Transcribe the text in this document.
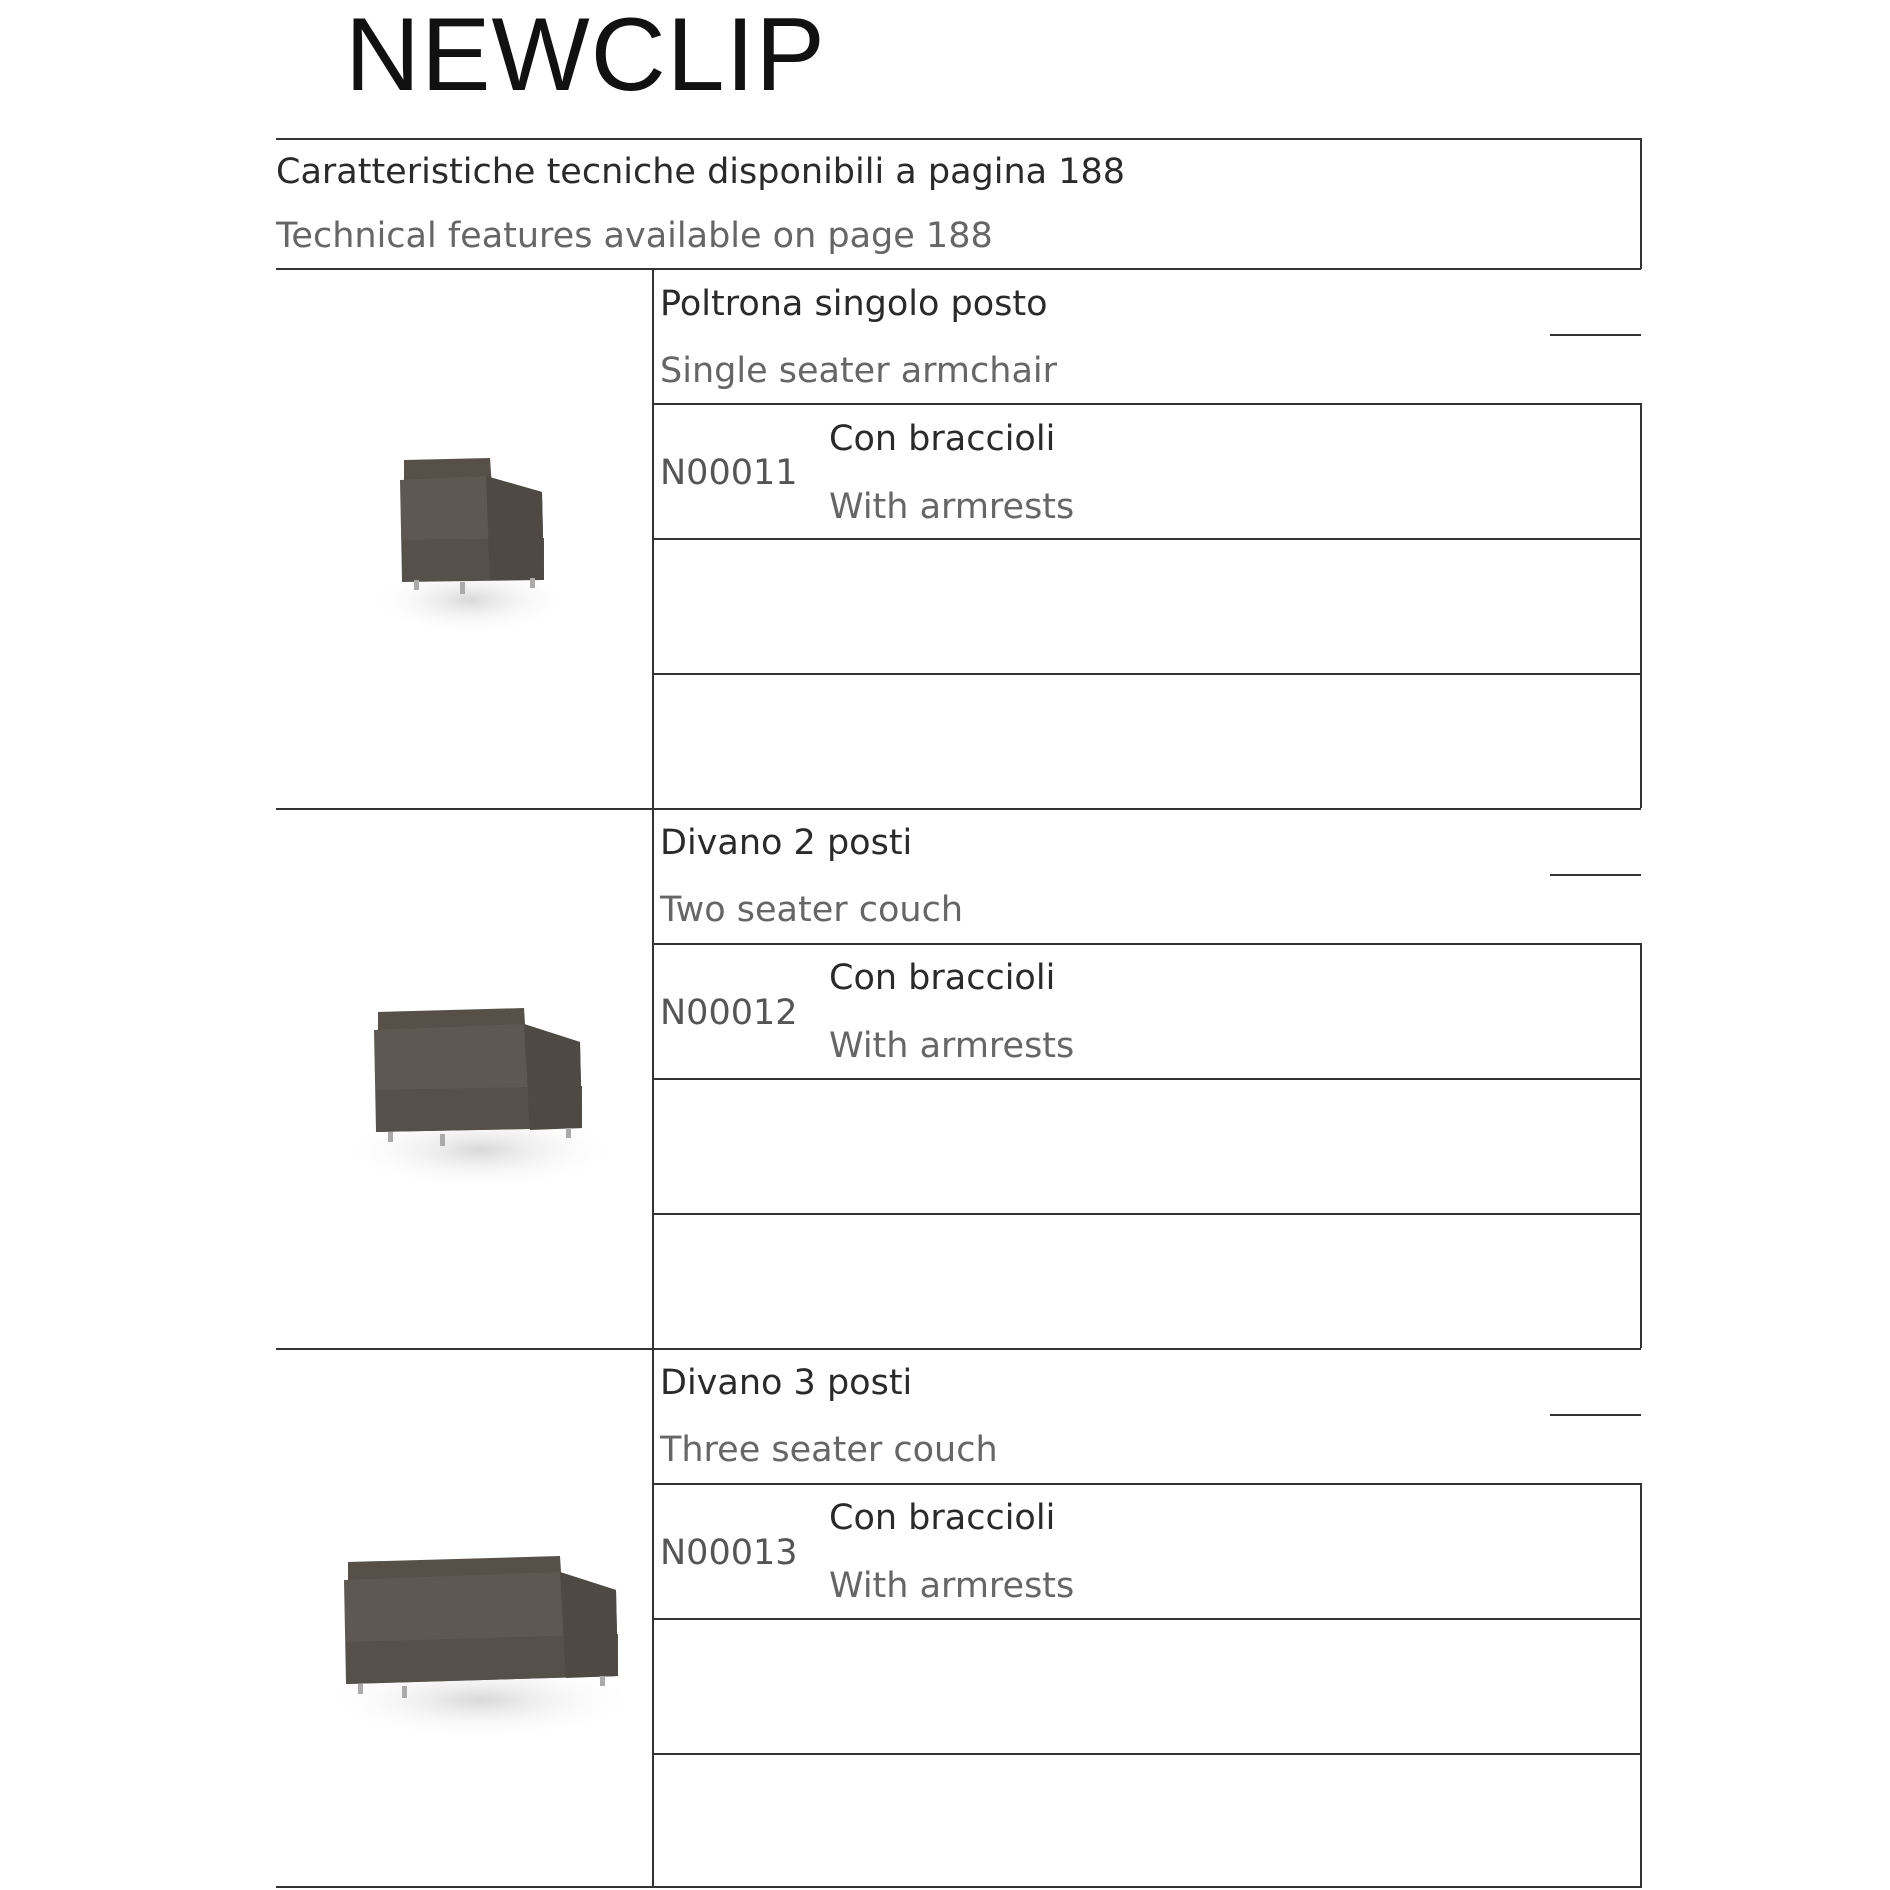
NEWCLIP
Caratteristiche tecniche disponibili a pagina 188
Technical features available on page 188
Poltrona singolo posto
Single seater armchair
N00011
Con braccioli
With armrests
Divano 2 posti
Two seater couch
N00012
Con braccioli
With armrests
Divano 3 posti
Three seater couch
N00013
Con braccioli
With armrests
